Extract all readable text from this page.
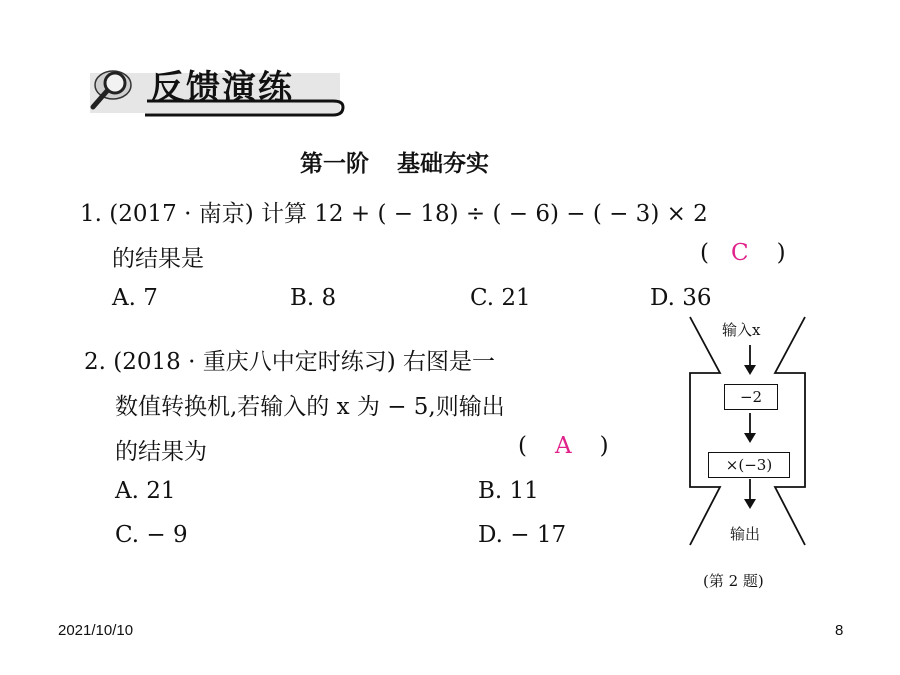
反馈演练
第一阶 基础夯实
1. (2017 · 南京) 计算 12 + ( − 18) ÷ ( − 6) − ( − 3) × 2
的结果是	( C )
A. 7	B. 8	C. 21	D. 36
2. (2018 · 重庆八中定时练习) 右图是一
数值转换机,若输入的 x 为 − 5,则输出
的结果为	( A )
A. 21	B. 11
C. − 9	D. − 17
输入x
−2
×(−3)
输出
(第 2 题)
2021/10/10	8
